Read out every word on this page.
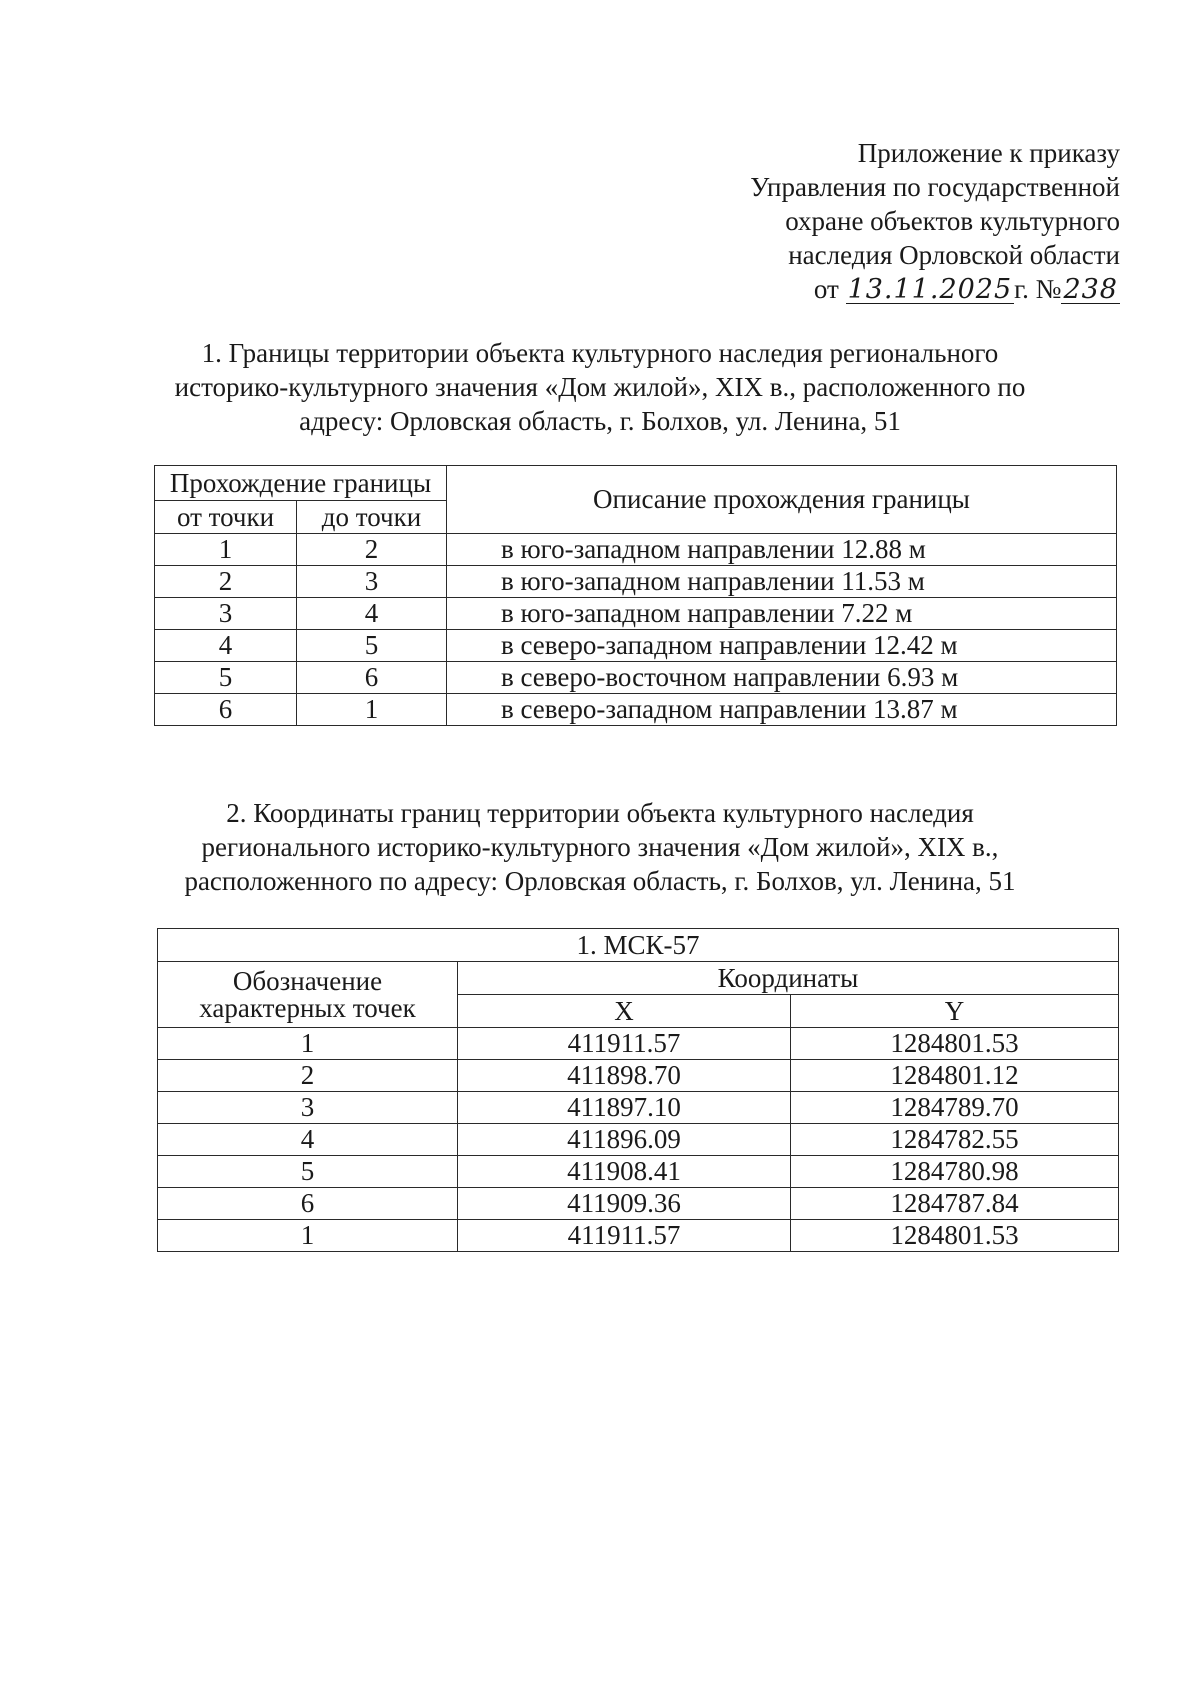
Приложение к приказу
Управления по государственной
охране объектов культурного
наследия Орловской области
от 13.11.2025г. №238
1. Границы территории объекта культурного наследия регионального
историко-культурного значения «Дом жилой», XIX в., расположенного по
адресу: Орловская область, г. Болхов, ул. Ленина, 51
Прохождение границы		Описание прохождения границы
от точки	до точки	
1	2	в юго-западном направлении 12.88 м
2	3	в юго-западном направлении 11.53 м
3	4	в юго-западном направлении 7.22 м
4	5	в северо-западном направлении 12.42 м
5	6	в северо-восточном направлении 6.93 м
6	1	в северо-западном направлении 13.87 м
2. Координаты границ территории объекта культурного наследия
регионального историко-культурного значения «Дом жилой», XIX в.,
расположенного по адресу: Орловская область, г. Болхов, ул. Ленина, 51
1. МСК-57		
Обозначение
характерных точек	Координаты	
	X	Y
1	411911.57	1284801.53
2	411898.70	1284801.12
3	411897.10	1284789.70
4	411896.09	1284782.55
5	411908.41	1284780.98
6	411909.36	1284787.84
1	411911.57	1284801.53
